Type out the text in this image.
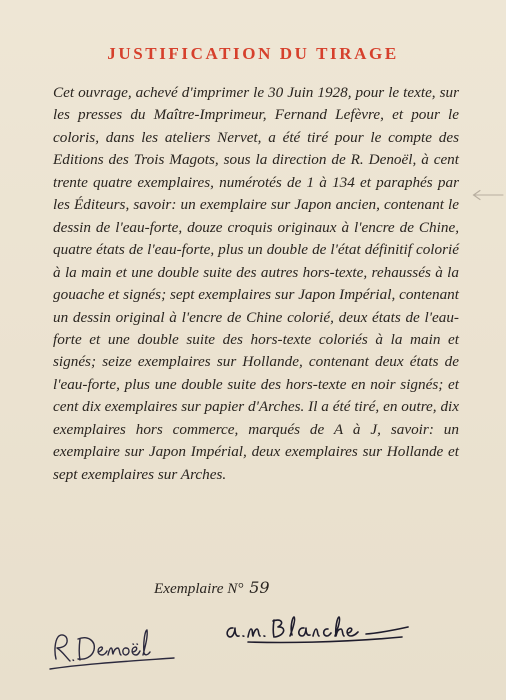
JUSTIFICATION DU TIRAGE

Cet ouvrage, achevé d'imprimer le 30 Juin 1928, pour le texte, sur les presses du Maître-Imprimeur, Fernand Lefèvre, et pour le coloris, dans les ateliers Nervet, a été tiré pour le compte des Editions des Trois Magots, sous la direction de R. Denoël, à cent trente quatre exemplaires, numérotés de 1 à 134 et paraphés par les Éditeurs, savoir: un exemplaire sur Japon ancien, contenant le dessin de l'eau-forte, douze croquis originaux à l'encre de Chine, quatre états de l'eau-forte, plus un double de l'état définitif colorié à la main et une double suite des autres hors-texte, rehaussés à la gouache et signés; sept exemplaires sur Japon Impérial, contenant un dessin original à l'encre de Chine colorié, deux états de l'eau-forte et une double suite des hors-texte coloriés à la main et signés; seize exemplaires sur Hollande, contenant deux états de l'eau-forte, plus une double suite des hors-texte en noir signés; et cent dix exemplaires sur papier d'Arches. Il a été tiré, en outre, dix exemplaires hors commerce, marqués de A à J, savoir: un exemplaire sur Japon Impérial, deux exemplaires sur Hollande et sept exemplaires sur Arches.

Exemplaire N° 59
